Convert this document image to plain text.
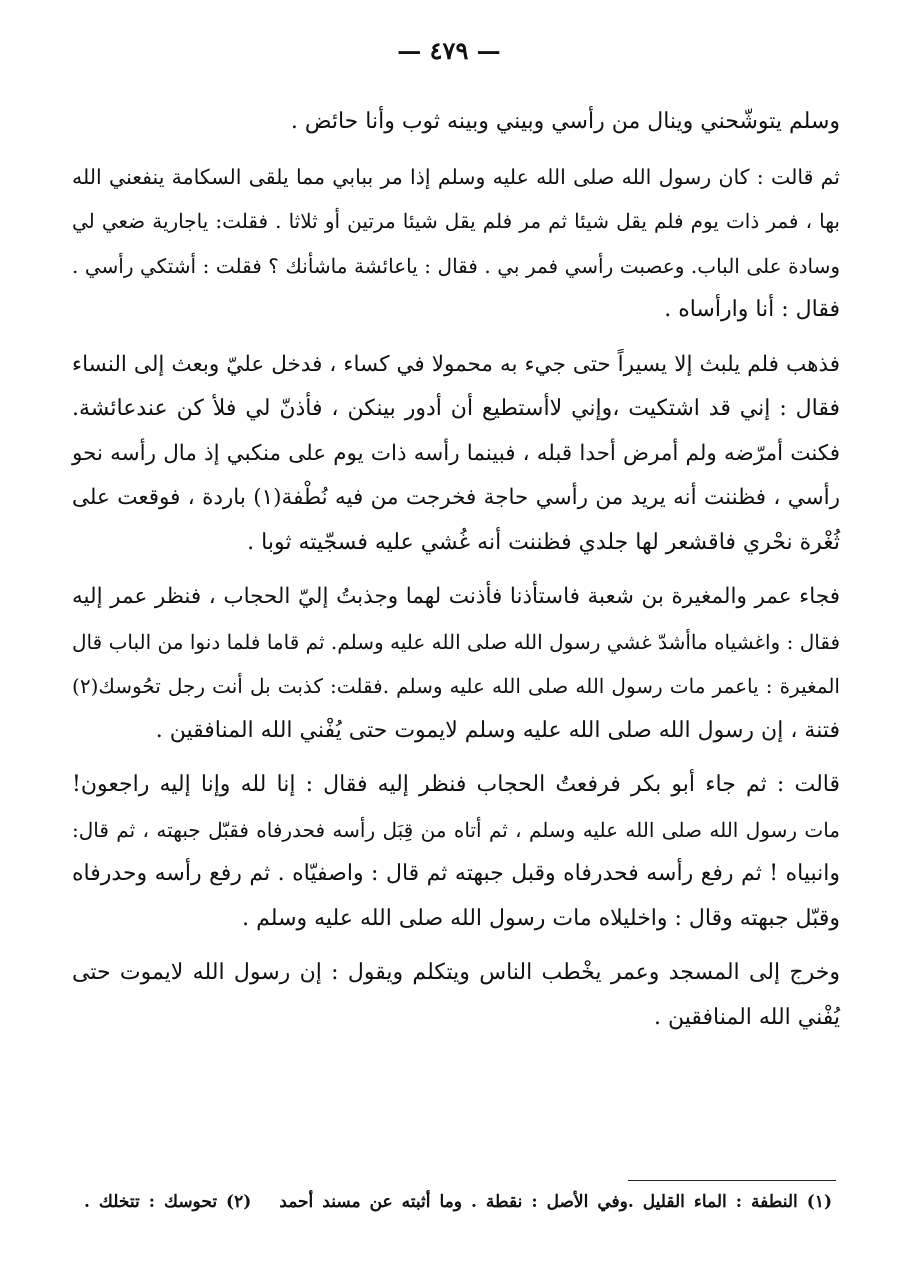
— ٤٧٩ —
وسلم يتوشّحني وينال من رأسي وبيني وبينه ثوب وأنا حائض .
ثم قالت : كان رسول الله صلى الله عليه وسلم إذا مر ببابي مما يلقى السكامة ينفعني الله
بها ، فمر ذات يوم فلم يقل شيئا ثم مر فلم يقل شيئا مرتين أو ثلاثا . فقلت: ياجارية ضعي لي
وسادة على الباب. وعصبت رأسي فمر بي . فقال : ياعائشة ماشأنك ؟ فقلت : أشتكي رأسي .
فقال : أنا وارأساه .
فذهب فلم يلبث إلا يسيراً حتى جيء به محمولا في كساء ، فدخل عليّ وبعث إلى النساء
فقال : إني قد اشتكيت ،وإني لاأستطيع أن أدور بينكن ، فأذنّ لي فلأ كن عندعائشة.
فكنت أمرّضه ولم أمرض أحدا قبله ، فبينما رأسه ذات يوم على منكبي إذ مال رأسه نحو
رأسي ، فظننت أنه يريد من رأسي حاجة فخرجت من فيه نُطْفة(١) باردة ، فوقعت على
ثُغْرة نحْري فاقشعر لها جلدي فظننت أنه غُشي عليه فسجّيته ثوبا .
فجاء عمر والمغيرة بن شعبة فاستأذنا فأذنت لهما وجذبتُ إليّ الحجاب ، فنظر عمر إليه
فقال : واغشياه ماأشدّ غشي رسول الله صلى الله عليه وسلم. ثم قاما فلما دنوا من الباب قال
المغيرة : ياعمر مات رسول الله صلى الله عليه وسلم .فقلت: كذبت بل أنت رجل تحُوسك(٢)
فتنة ، إن رسول الله صلى الله عليه وسلم لايموت حتى يُفْني الله المنافقين .
قالت : ثم جاء أبو بكر فرفعتُ الحجاب فنظر إليه فقال : إنا لله وإنا إليه راجعون!
مات رسول الله صلى الله عليه وسلم ، ثم أتاه من قِبَل رأسه فحدرفاه فقبّل جبهته ، ثم قال:
وانبياه ! ثم رفع رأسه فحدرفاه وقبل جبهته ثم قال : واصفيّاه . ثم رفع رأسه وحدرفاه
وقبّل جبهته وقال : واخليلاه مات رسول الله صلى الله عليه وسلم .
وخرج إلى المسجد وعمر يخْطب الناس ويتكلم ويقول : إن رسول الله لايموت حتى
يُفْني الله المنافقين .
(١) النطفة : الماء القليل .وفي الأصل : نقطة . وما أثبته عن مسند أحمد(٢) تحوسك : تتخلك .
